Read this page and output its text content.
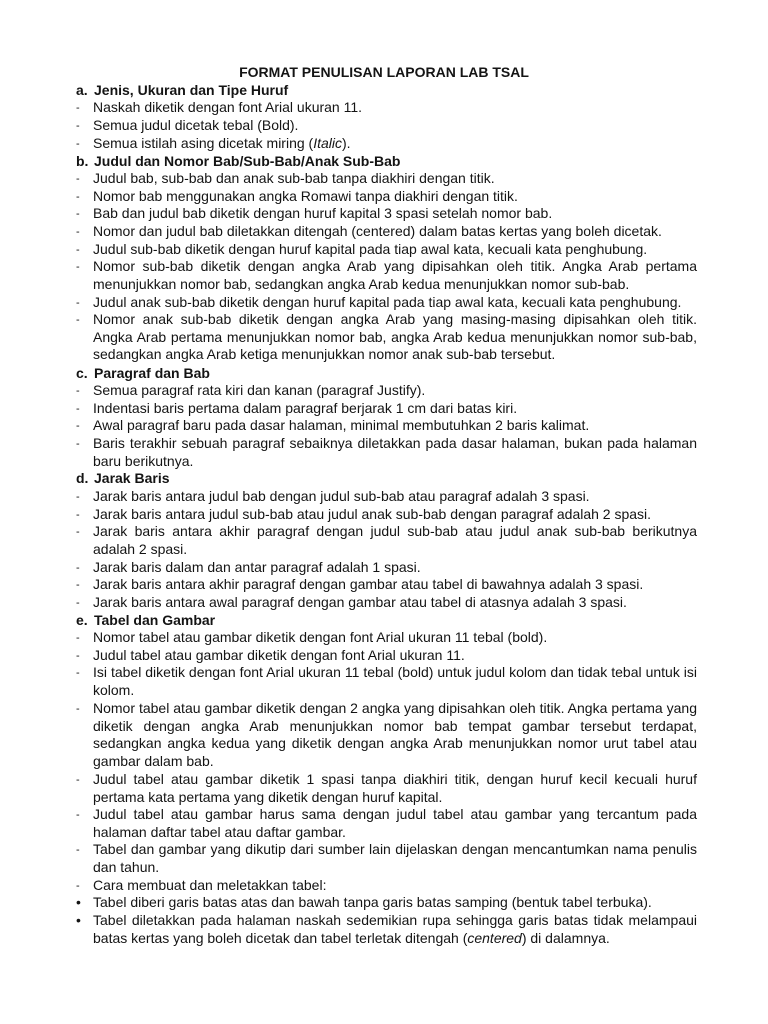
FORMAT PENULISAN LAPORAN LAB TSAL
a. Jenis, Ukuran dan Tipe Huruf
- Naskah diketik dengan font Arial ukuran 11.
- Semua judul dicetak tebal (Bold).
- Semua istilah asing dicetak miring (Italic).
b. Judul dan Nomor Bab/Sub-Bab/Anak Sub-Bab
- Judul bab, sub-bab dan anak sub-bab tanpa diakhiri dengan titik.
- Nomor bab menggunakan angka Romawi tanpa diakhiri dengan titik.
- Bab dan judul bab diketik dengan huruf kapital 3 spasi setelah nomor bab.
- Nomor dan judul bab diletakkan ditengah (centered) dalam batas kertas yang boleh dicetak.
- Judul sub-bab diketik dengan huruf kapital pada tiap awal kata, kecuali kata penghubung.
- Nomor sub-bab diketik dengan angka Arab yang dipisahkan oleh titik. Angka Arab pertama menunjukkan nomor bab, sedangkan angka Arab kedua menunjukkan nomor sub-bab.
- Judul anak sub-bab diketik dengan huruf kapital pada tiap awal kata, kecuali kata penghubung.
- Nomor anak sub-bab diketik dengan angka Arab yang masing-masing dipisahkan oleh titik. Angka Arab pertama menunjukkan nomor bab, angka Arab kedua menunjukkan nomor sub-bab, sedangkan angka Arab ketiga menunjukkan nomor anak sub-bab tersebut.
c. Paragraf dan Bab
- Semua paragraf rata kiri dan kanan (paragraf Justify).
- Indentasi baris pertama dalam paragraf berjarak 1 cm dari batas kiri.
- Awal paragraf baru pada dasar halaman, minimal membutuhkan 2 baris kalimat.
- Baris terakhir sebuah paragraf sebaiknya diletakkan pada dasar halaman, bukan pada halaman baru berikutnya.
d. Jarak Baris
- Jarak baris antara judul bab dengan judul sub-bab atau paragraf adalah 3 spasi.
- Jarak baris antara judul sub-bab atau judul anak sub-bab dengan paragraf adalah 2 spasi.
- Jarak baris antara akhir paragraf dengan judul sub-bab atau judul anak sub-bab berikutnya adalah 2 spasi.
- Jarak baris dalam dan antar paragraf adalah 1 spasi.
- Jarak baris antara akhir paragraf dengan gambar atau tabel di bawahnya adalah 3 spasi.
- Jarak baris antara awal paragraf dengan gambar atau tabel di atasnya adalah 3 spasi.
e. Tabel dan Gambar
- Nomor tabel atau gambar diketik dengan font Arial ukuran 11 tebal (bold).
- Judul tabel atau gambar diketik dengan font Arial ukuran 11.
- Isi tabel diketik dengan font Arial ukuran 11 tebal (bold) untuk judul kolom dan tidak tebal untuk isi kolom.
- Nomor tabel atau gambar diketik dengan 2 angka yang dipisahkan oleh titik. Angka pertama yang diketik dengan angka Arab menunjukkan nomor bab tempat gambar tersebut terdapat, sedangkan angka kedua yang diketik dengan angka Arab menunjukkan nomor urut tabel atau gambar dalam bab.
- Judul tabel atau gambar diketik 1 spasi tanpa diakhiri titik, dengan huruf kecil kecuali huruf pertama kata pertama yang diketik dengan huruf kapital.
- Judul tabel atau gambar harus sama dengan judul tabel atau gambar yang tercantum pada halaman daftar tabel atau daftar gambar.
- Tabel dan gambar yang dikutip dari sumber lain dijelaskan dengan mencantumkan nama penulis dan tahun.
- Cara membuat dan meletakkan tabel:
• Tabel diberi garis batas atas dan bawah tanpa garis batas samping (bentuk tabel terbuka).
• Tabel diletakkan pada halaman naskah sedemikian rupa sehingga garis batas tidak melampaui batas kertas yang boleh dicetak dan tabel terletak ditengah (centered) di dalamnya.
